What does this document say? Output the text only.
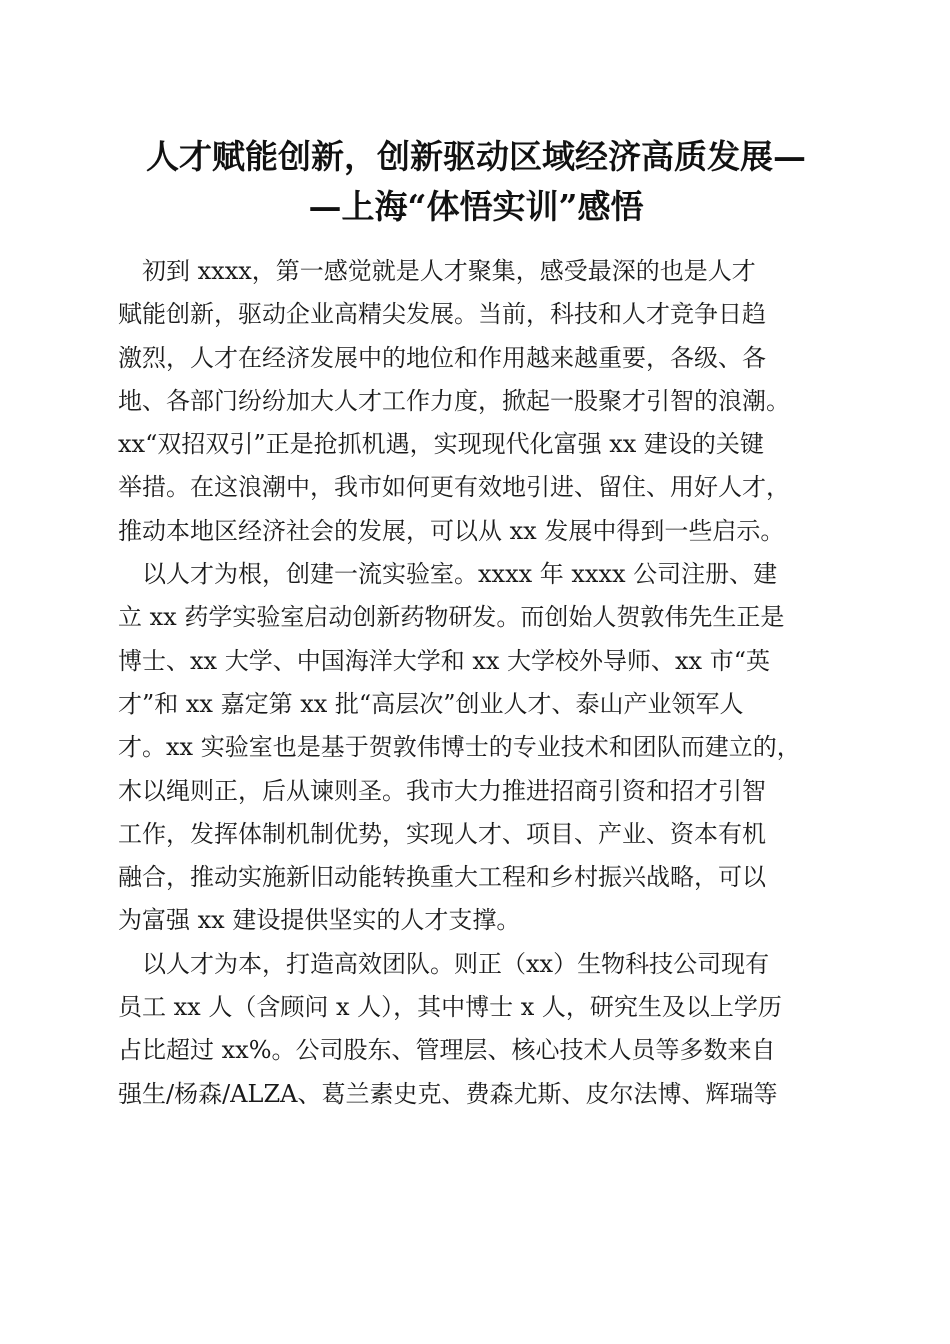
人才赋能创新，创新驱动区域经济高质发展—
—上海“体悟实训”感悟
　初到 xxxx，第一感觉就是人才聚集，感受最深的也是人才
赋能创新，驱动企业高精尖发展。当前，科技和人才竞争日趋
激烈，人才在经济发展中的地位和作用越来越重要，各级、各
地、各部门纷纷加大人才工作力度，掀起一股聚才引智的浪潮。
xx“双招双引”正是抢抓机遇，实现现代化富强 xx 建设的关键
举措。在这浪潮中，我市如何更有效地引进、留住、用好人才，
推动本地区经济社会的发展，可以从 xx 发展中得到一些启示。
　以人才为根，创建一流实验室。xxxx 年 xxxx 公司注册、建
立 xx 药学实验室启动创新药物研发。而创始人贺敦伟先生正是
博士、xx 大学、中国海洋大学和 xx 大学校外导师、xx 市“英
才”和 xx 嘉定第 xx 批“高层次”创业人才、泰山产业领军人
才。xx 实验室也是基于贺敦伟博士的专业技术和团队而建立的，
木以绳则正，后从谏则圣。我市大力推进招商引资和招才引智
工作，发挥体制机制优势，实现人才、项目、产业、资本有机
融合，推动实施新旧动能转换重大工程和乡村振兴战略，可以
为富强 xx 建设提供坚实的人才支撑。
　以人才为本，打造高效团队。则正（xx）生物科技公司现有
员工 xx 人（含顾问 x 人），其中博士 x 人，研究生及以上学历
占比超过 xx%。公司股东、管理层、核心技术人员等多数来自
强生/杨森/ALZA、葛兰素史克、费森尤斯、皮尔法博、辉瑞等
